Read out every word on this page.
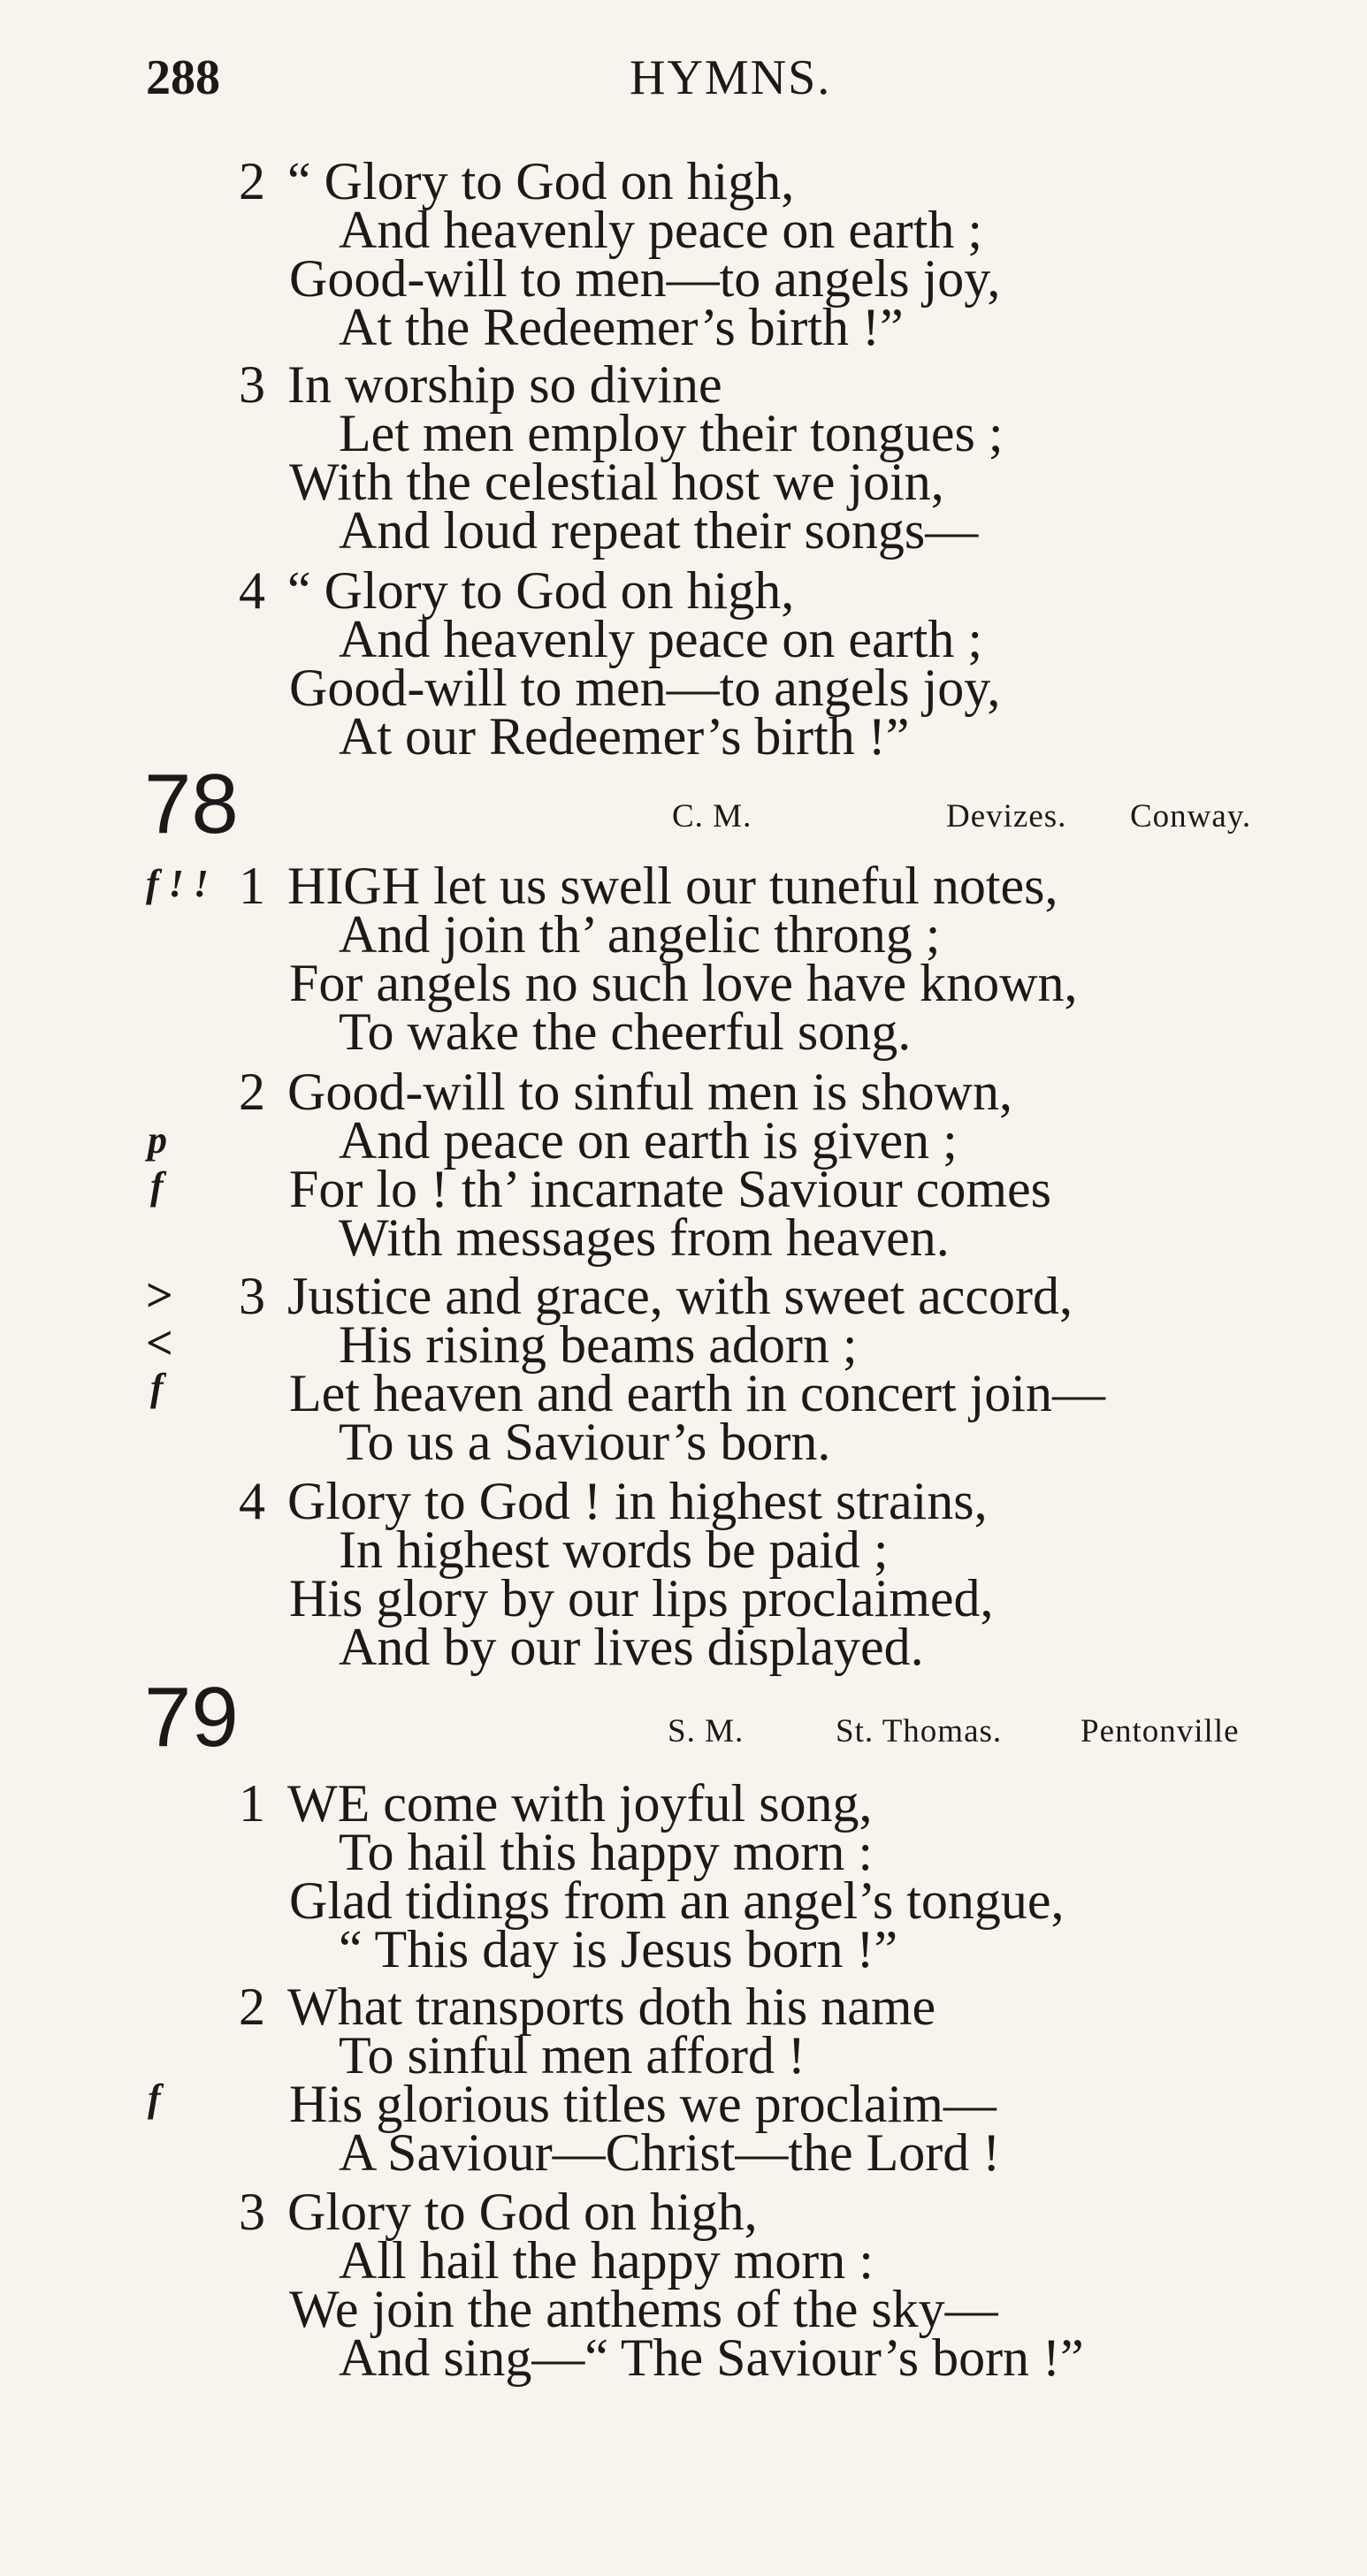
288	HYMNS.
2 “ Glory to God on high,
And heavenly peace on earth ;
Good-will to men—to angels joy,
At the Redeemer’s birth !”
3 In worship so divine
Let men employ their tongues ;
With the celestial host we join,
And loud repeat their songs—
4 “ Glory to God on high,
And heavenly peace on earth ;
Good-will to men—to angels joy,
At our Redeemer’s birth !”
78	C. M.	Devizes. Conway.
f ! ! 1 HIGH let us swell our tuneful notes,
And join th’ angelic throng ;
For angels no such love have known,
To wake the cheerful song.
2 Good-will to sinful men is shown,
p	And peace on earth is given ;
f For lo ! th’ incarnate Saviour comes
With messages from heaven.
> 3 Justice and grace, with sweet accord,
<	His rising beams adorn ;
f Let heaven and earth in concert join—
To us a Saviour’s born.
4 Glory to God ! in highest strains,
In highest words be paid ;
His glory by our lips proclaimed,
And by our lives displayed.
79	S. M.	St. Thomas. Pentonville
1 WE come with joyful song,
To hail this happy morn :
Glad tidings from an angel’s tongue,
“ This day is Jesus born !”
2 What transports doth his name
To sinful men afford !
f His glorious titles we proclaim—
A Saviour—Christ—the Lord !
3 Glory to God on high,
All hail the happy morn :
We join the anthems of the sky—
And sing—“ The Saviour’s born !”
